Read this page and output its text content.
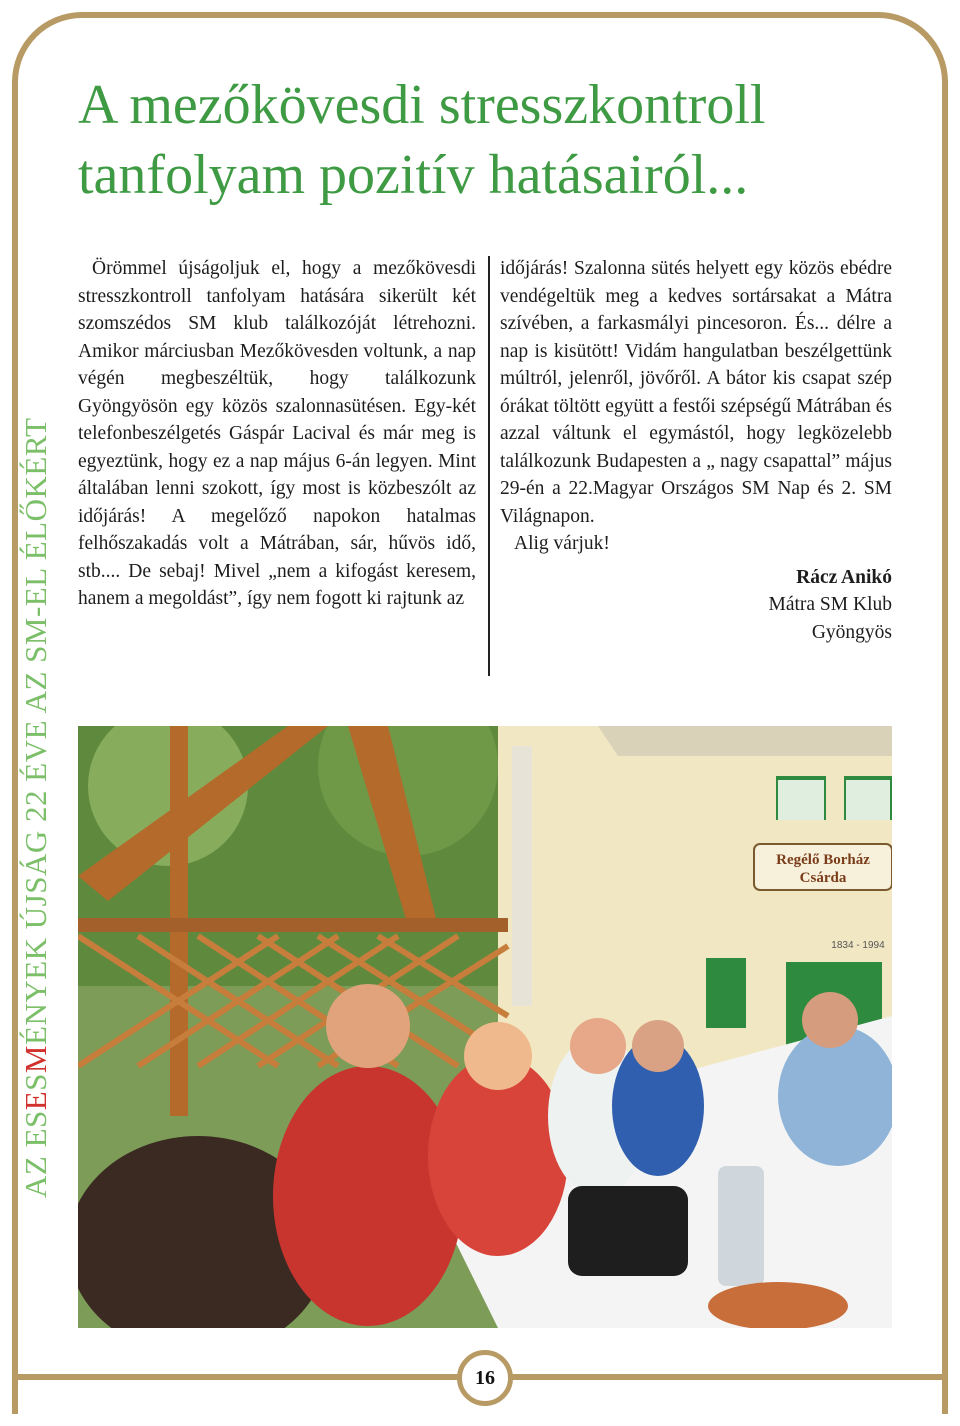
AZ ESESMÉNYEK ÚJSÁG 22 ÉVE AZ SM-EL ÉLŐKÉRT
A mezőkövesdi stresszkontroll
tanfolyam pozitív hatásairól...

Örömmel újságoljuk el, hogy a mezőkövesdi stresszkontroll tanfolyam hatására sikerült két szomszédos SM klub találkozóját létrehozni. Amikor márciusban Mezőkövesden voltunk, a nap végén megbeszéltük, hogy találkozunk Gyöngyösön egy közös szalonnasütésen. Egy-két telefonbeszélgetés Gáspár Lacival és már meg is egyeztünk, hogy ez a nap május 6-án legyen. Mint általában lenni szokott, így most is közbeszólt az időjárás! A megelőző napokon hatalmas felhőszakadás volt a Mátrában, sár, hűvös idő, stb.... De sebaj! Mivel „nem a kifogást keresem, hanem a megoldást”, így nem fogott ki rajtunk az

időjárás! Szalonna sütés helyett egy közös ebédre vendégeltük meg a kedves sortársakat a Mátra szívében, a farkasmályi pincesoron. És... délre a nap is kisütött! Vidám hangulatban beszélgettünk múltról, jelenről, jövőről. A bátor kis csapat szép órákat töltött együtt a festői szépségű Mátrában és azzal váltunk el egymástól, hogy legközelebb találkozunk Budapesten a „ nagy csapattal” május 29-én a 22.Magyar Országos SM Nap és 2. SM Világnapon.

Alig várjuk!

Rácz Anikó
Mátra SM Klub
Gyöngyös
Regélő Borház
Csárda
1834 - 1994
16
